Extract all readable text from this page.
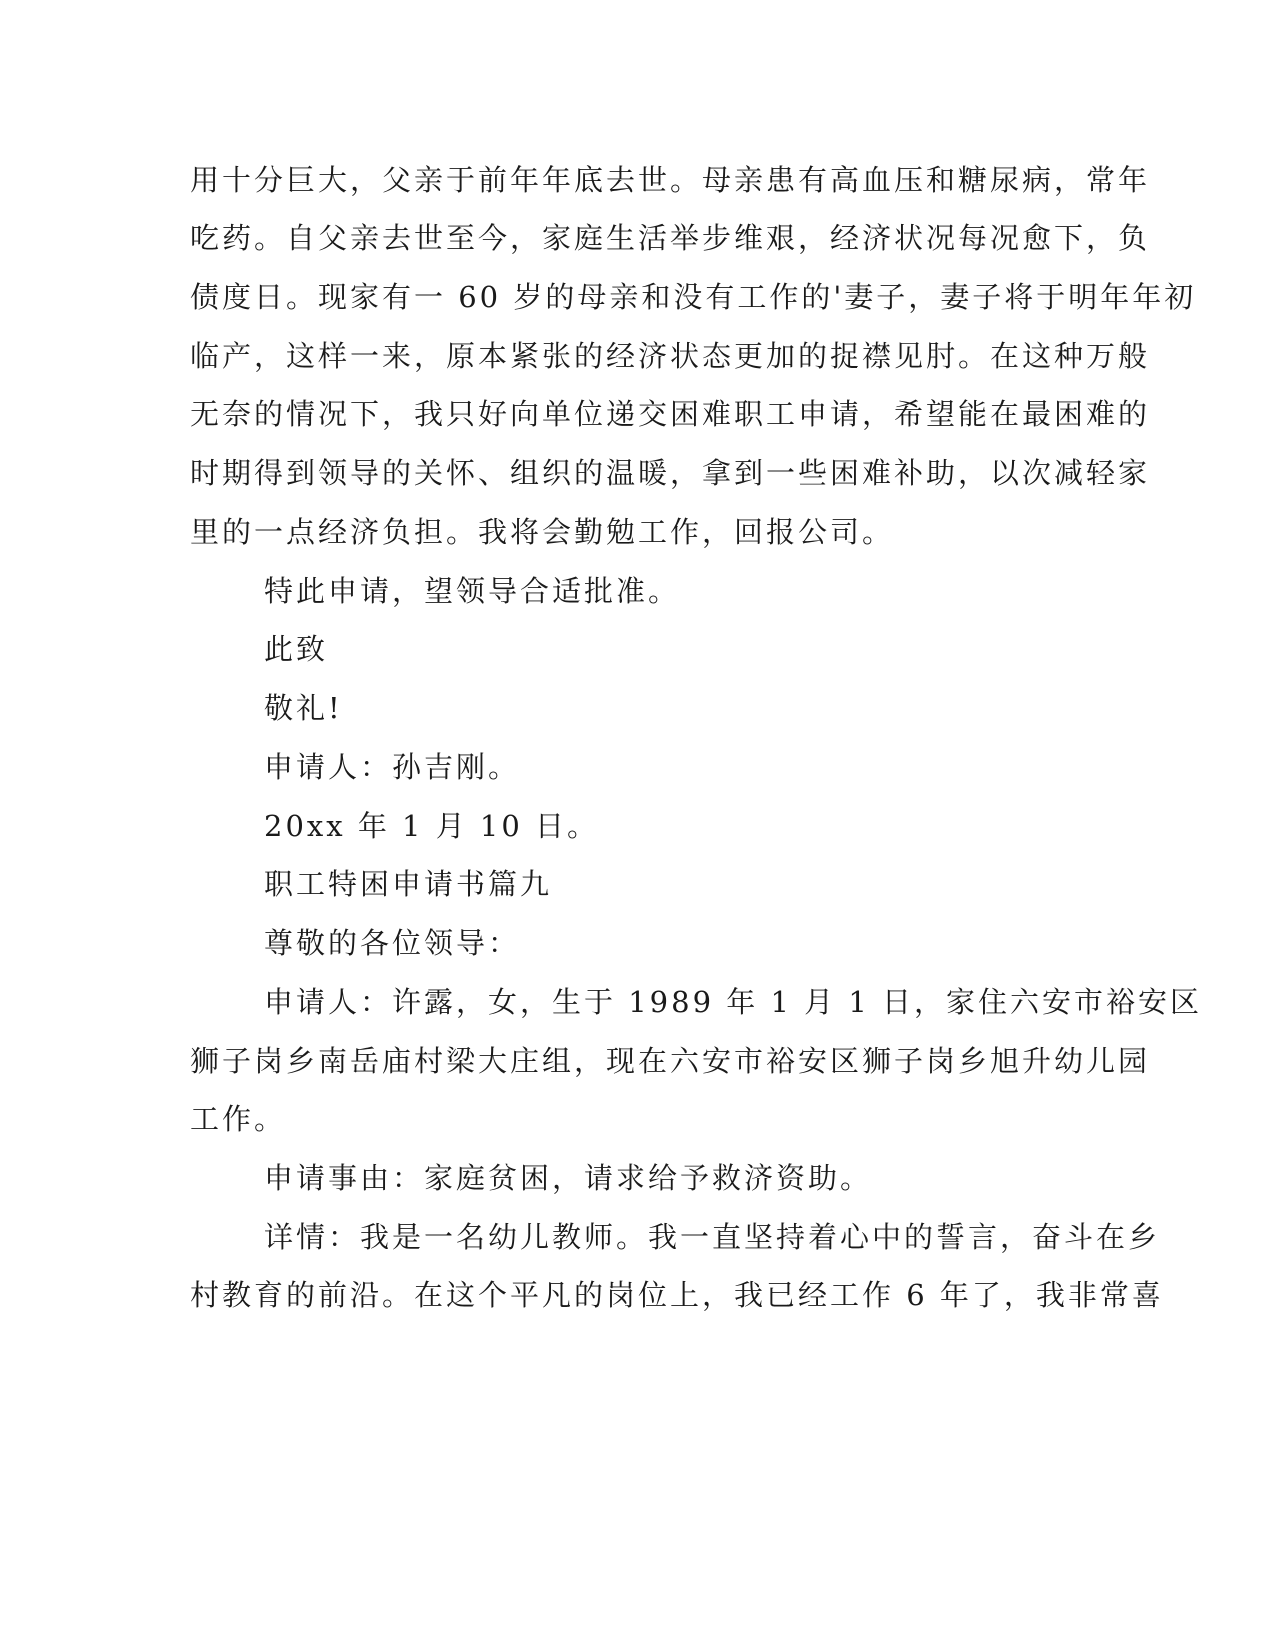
用十分巨大，父亲于前年年底去世。母亲患有高血压和糖尿病，常年
吃药。自父亲去世至今，家庭生活举步维艰，经济状况每况愈下，负
债度日。现家有一 60 岁的母亲和没有工作的'妻子，妻子将于明年年初
临产，这样一来，原本紧张的经济状态更加的捉襟见肘。在这种万般
无奈的情况下，我只好向单位递交困难职工申请，希望能在最困难的
时期得到领导的关怀、组织的温暖，拿到一些困难补助，以次减轻家
里的一点经济负担。我将会勤勉工作，回报公司。
特此申请，望领导合适批准。
此致
敬礼!
申请人：孙吉刚。
20xx 年 1 月 10 日。
职工特困申请书篇九
尊敬的各位领导：
申请人：许露，女，生于 1989 年 1 月 1 日，家住六安市裕安区
狮子岗乡南岳庙村梁大庄组，现在六安市裕安区狮子岗乡旭升幼儿园
工作。
申请事由：家庭贫困，请求给予救济资助。
详情：我是一名幼儿教师。我一直坚持着心中的誓言，奋斗在乡
村教育的前沿。在这个平凡的岗位上，我已经工作 6 年了，我非常喜
